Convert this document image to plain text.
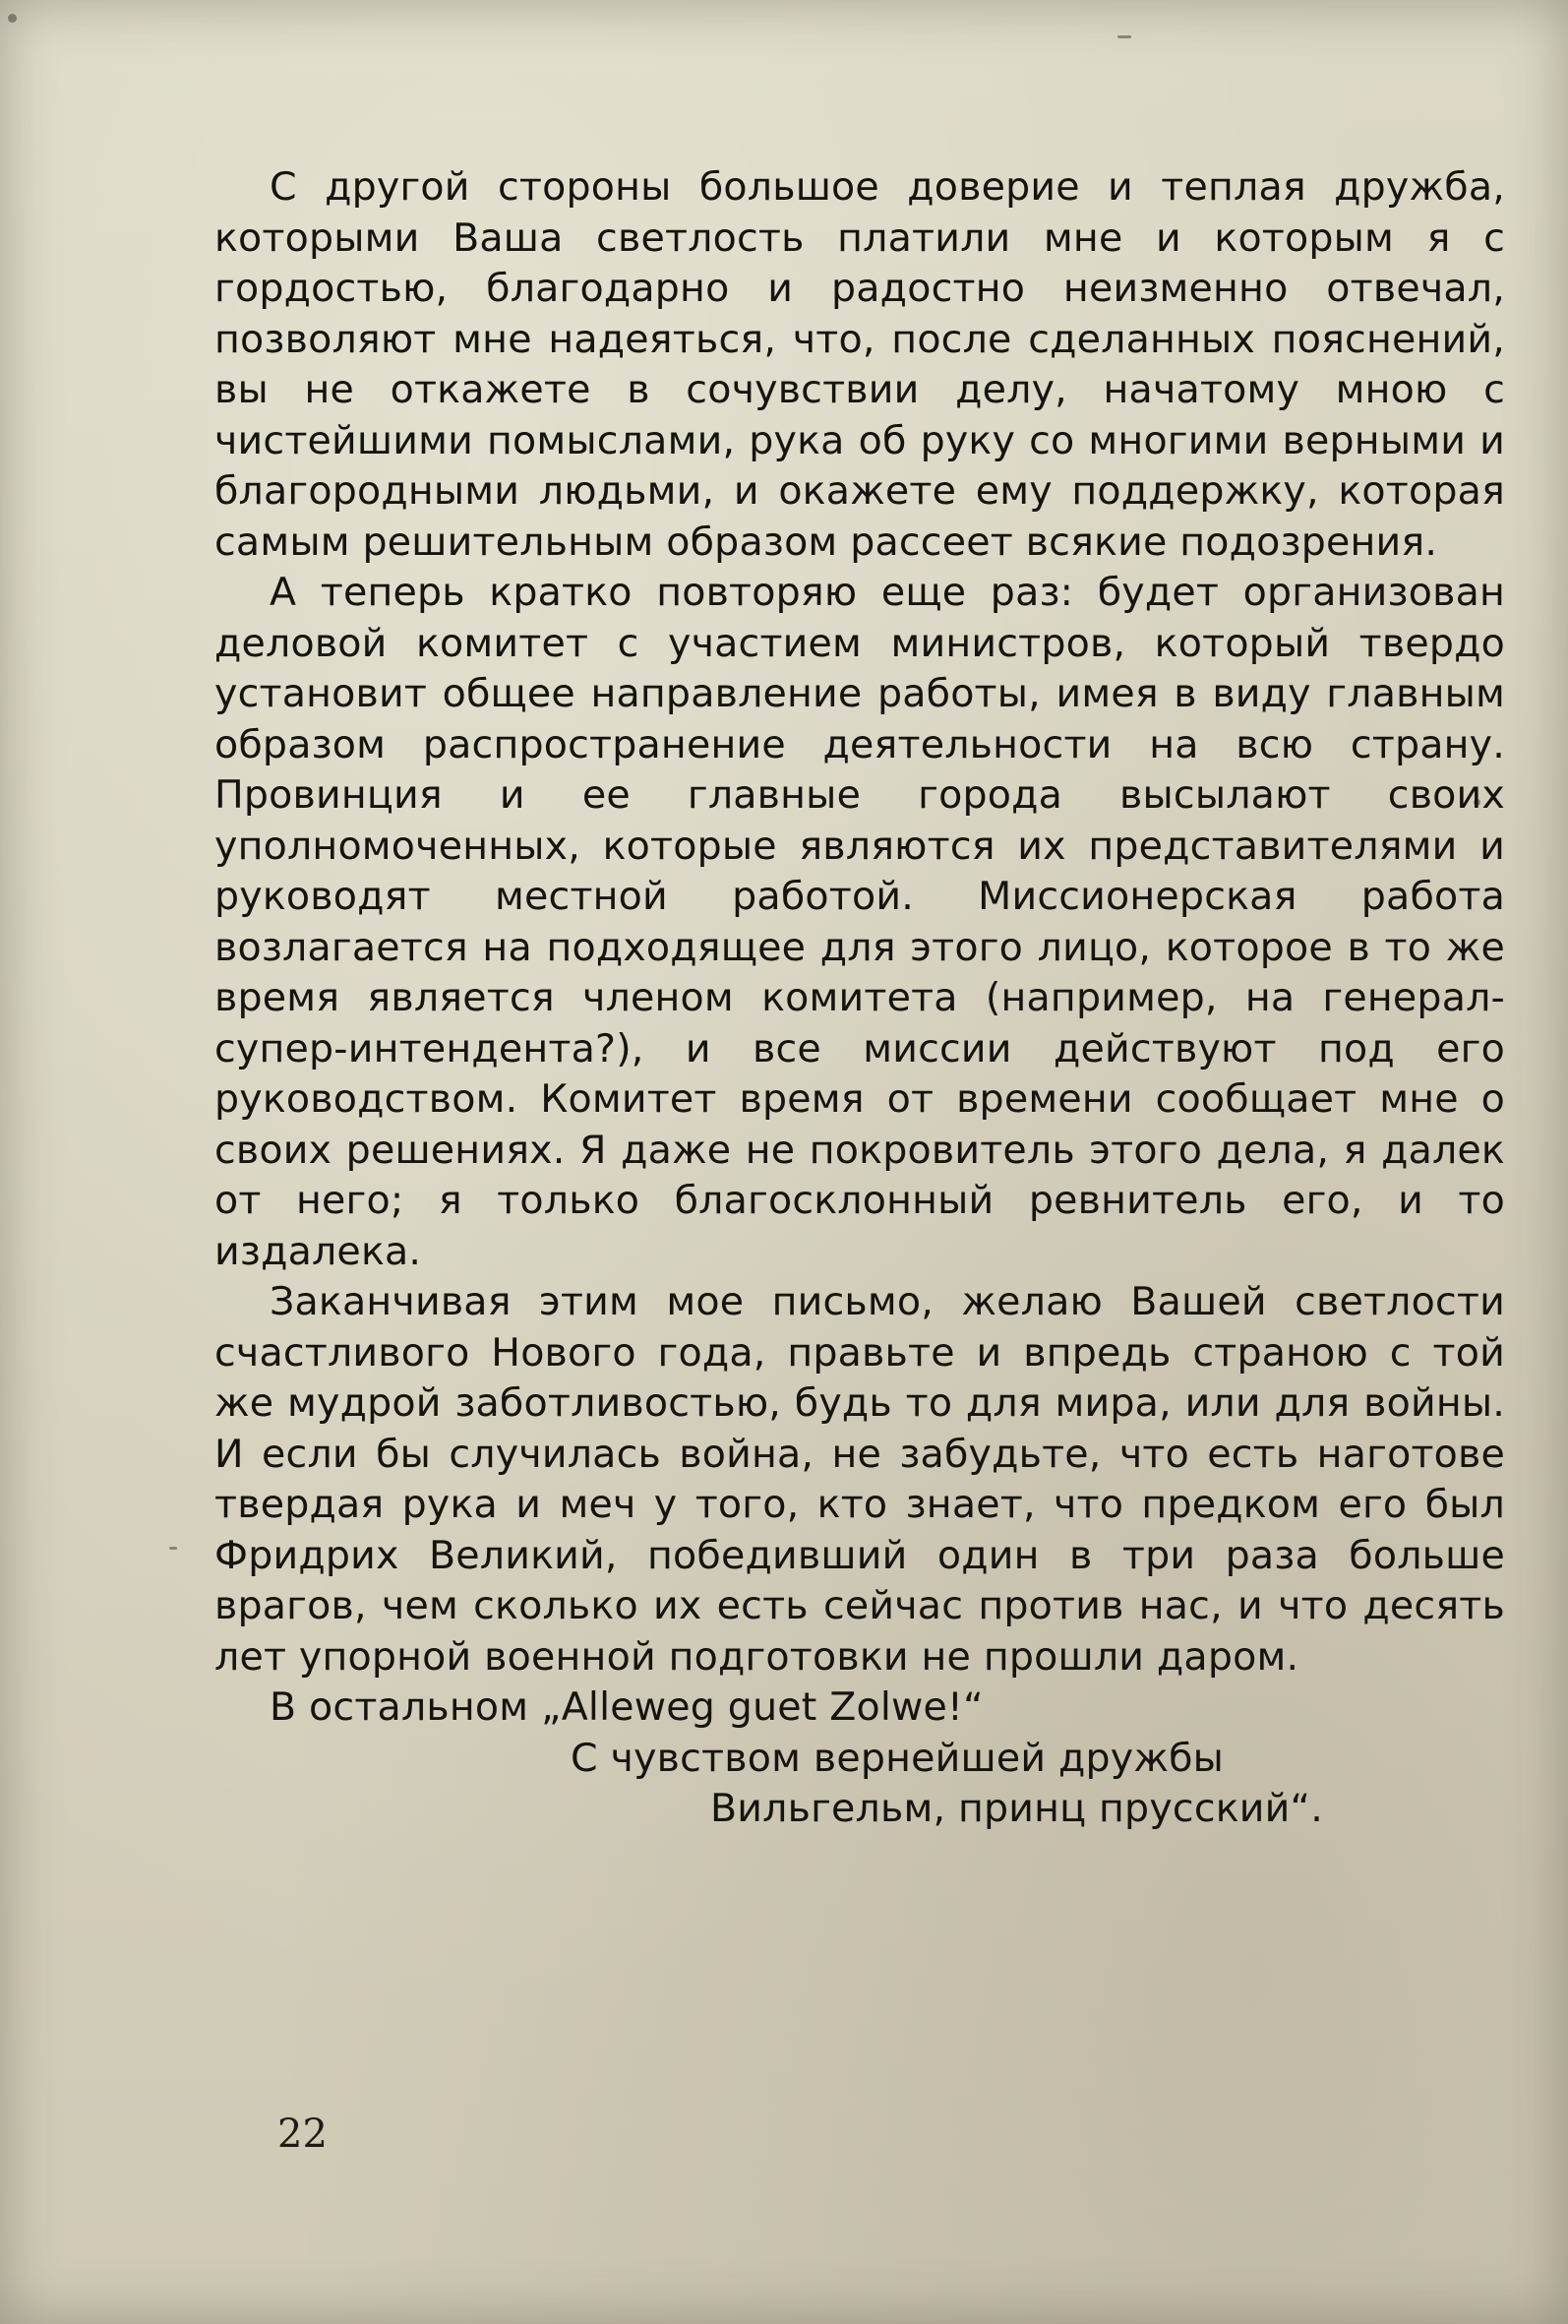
С другой стороны большое доверие и теплая дружба, которыми Ваша светлость платили мне и которым я с гордостью, благодарно и радостно неизменно отвечал, позволяют мне надеяться, что, после сделанных пояснений, вы не откажете в сочувствии делу, начатому мною с чистейшими помыслами, рука об руку со многими верными и благородными людьми, и окажете ему поддержку, которая самым решительным образом рассеет всякие подозрения.

А теперь кратко повторяю еще раз: будет организован деловой комитет с участием министров, который твердо установит общее направление работы, имея в виду главным образом распространение деятельности на всю страну. Провинция и ее главные города высылают своих уполномоченных, которые являются их представителями и руководят местной работой. Миссионерская работа возлагается на подходящее для этого лицо, которое в то же время является членом комитета (например, на генерал-супер-интендента?), и все миссии действуют под его руководством. Комитет время от времени сообщает мне о своих решениях. Я даже не покровитель этого дела, я далек от него; я только благосклонный ревнитель его, и то издалека.

Заканчивая этим мое письмо, желаю Вашей светлости счастливого Нового года, правьте и впредь страною с той же мудрой заботливостью, будь то для мира, или для войны. И если бы случилась война, не забудьте, что есть наготове твердая рука и меч у того, кто знает, что предком его был Фридрих Великий, победивший один в три раза больше врагов, чем сколько их есть сейчас против нас, и что десять лет упорной военной подготовки не прошли даром.

В остальном „Alleweg guet Zolwe!“

С чувством вернейшей дружбы

Вильгельм, принц прусский“.

22
